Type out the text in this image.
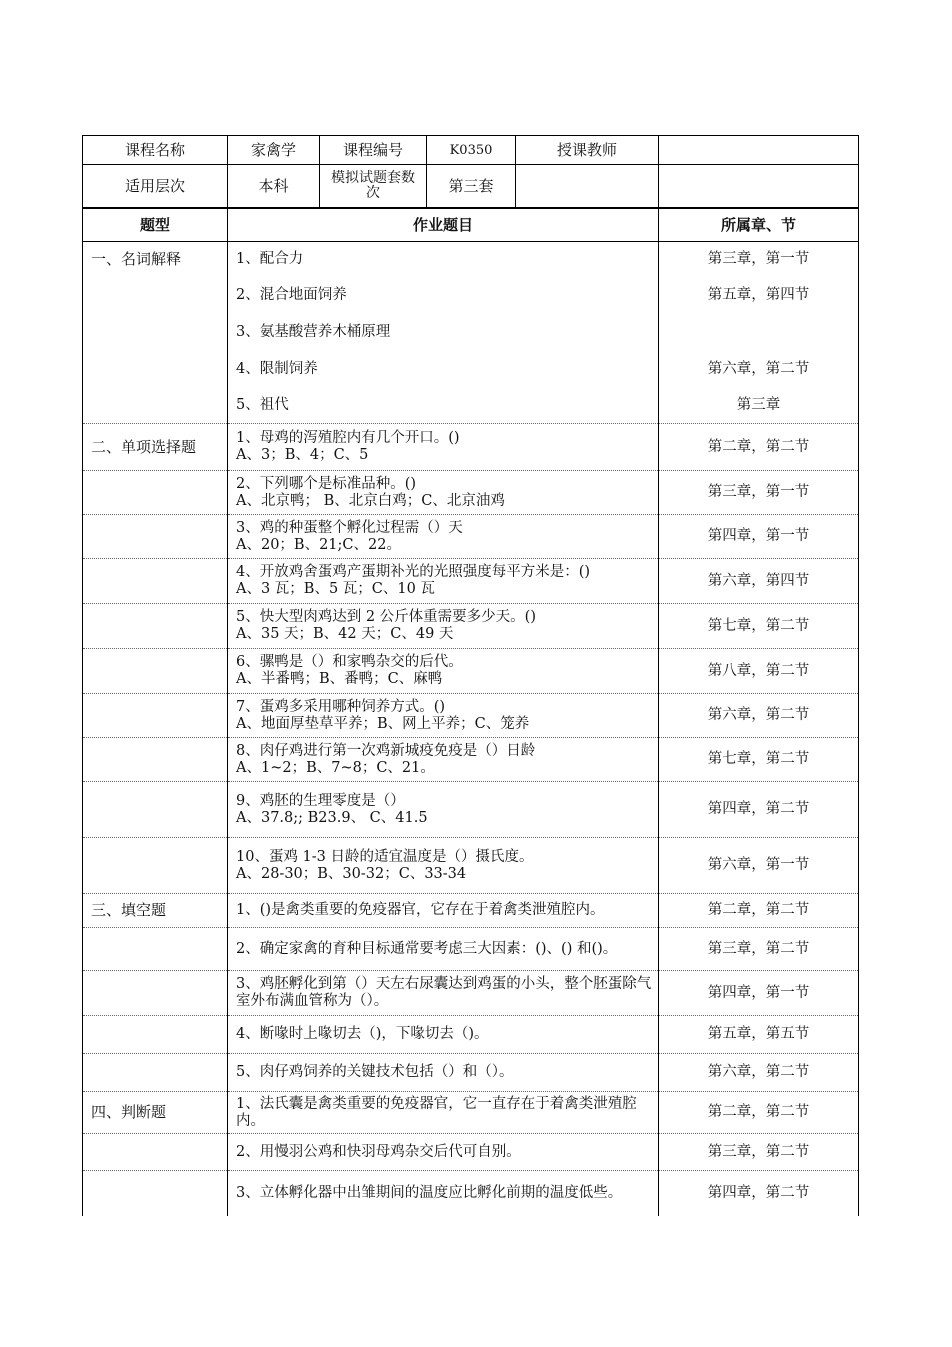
课程名称	家禽学	课程编号	K0350	授课教师	
适用层次	本科	模拟试题套数次	第三套		
题型	作业题目	所属章、节
一、名词解释	1、配合力	第三章，第一节

	2、混合地面饲养	第五章，第四节

	3、氨基酸营养木桶原理	

	4、限制饲养	第六章，第二节

	5、祖代	第三章
二、单项选择题	1、母鸡的泻殖腔内有几个开口。()
A、3；B、4；C、5	第二章，第二节

	2、下列哪个是标准品种。()
A、北京鸭； B、北京白鸡；C、北京油鸡	第三章，第一节

	3、鸡的种蛋整个孵化过程需（）天
A、20；B、21;C、22。	第四章，第一节

	4、开放鸡舍蛋鸡产蛋期补光的光照强度每平方米是：()
A、3 瓦；B、5 瓦；C、10 瓦	第六章，第四节

	5、快大型肉鸡达到 2 公斤体重需要多少天。()
A、35 天；B、42 天；C、49 天	第七章，第二节

	6、骡鸭是（）和家鸭杂交的后代。
A、半番鸭；B、番鸭；C、麻鸭	第八章，第二节

	7、蛋鸡多采用哪种饲养方式。()
A、地面厚垫草平养；B、网上平养；C、笼养	第六章，第二节

	8、肉仔鸡进行第一次鸡新城疫免疫是（）日龄
A、1~2；B、7~8；C、21。	第七章，第二节

	9、鸡胚的生理零度是（）
A、37.8;; B23.9、 C、41.5	第四章，第二节

	10、蛋鸡 1-3 日龄的适宜温度是（）摄氏度。
A、28-30；B、30-32；C、33-34	第六章，第一节
三、填空题	1、()是禽类重要的免疫器官，它存在于着禽类泄殖腔内。	第二章，第二节

	2、确定家禽的育种目标通常要考虑三大因素：()、() 和()。	第三章，第二节

	3、鸡胚孵化到第（）天左右尿囊达到鸡蛋的小头，整个胚蛋除气室外布满血管称为（）。	第四章，第一节

	4、断喙时上喙切去（)，下喙切去（)。	第五章，第五节

	5、肉仔鸡饲养的关键技术包括（）和（）。	第六章，第二节
四、判断题	1、法氏囊是禽类重要的免疫器官，它一直存在于着禽类泄殖腔内。	第二章，第二节

	2、用慢羽公鸡和快羽母鸡杂交后代可自别。	第三章，第二节

	3、立体孵化器中出雏期间的温度应比孵化前期的温度低些。	第四章，第二节
